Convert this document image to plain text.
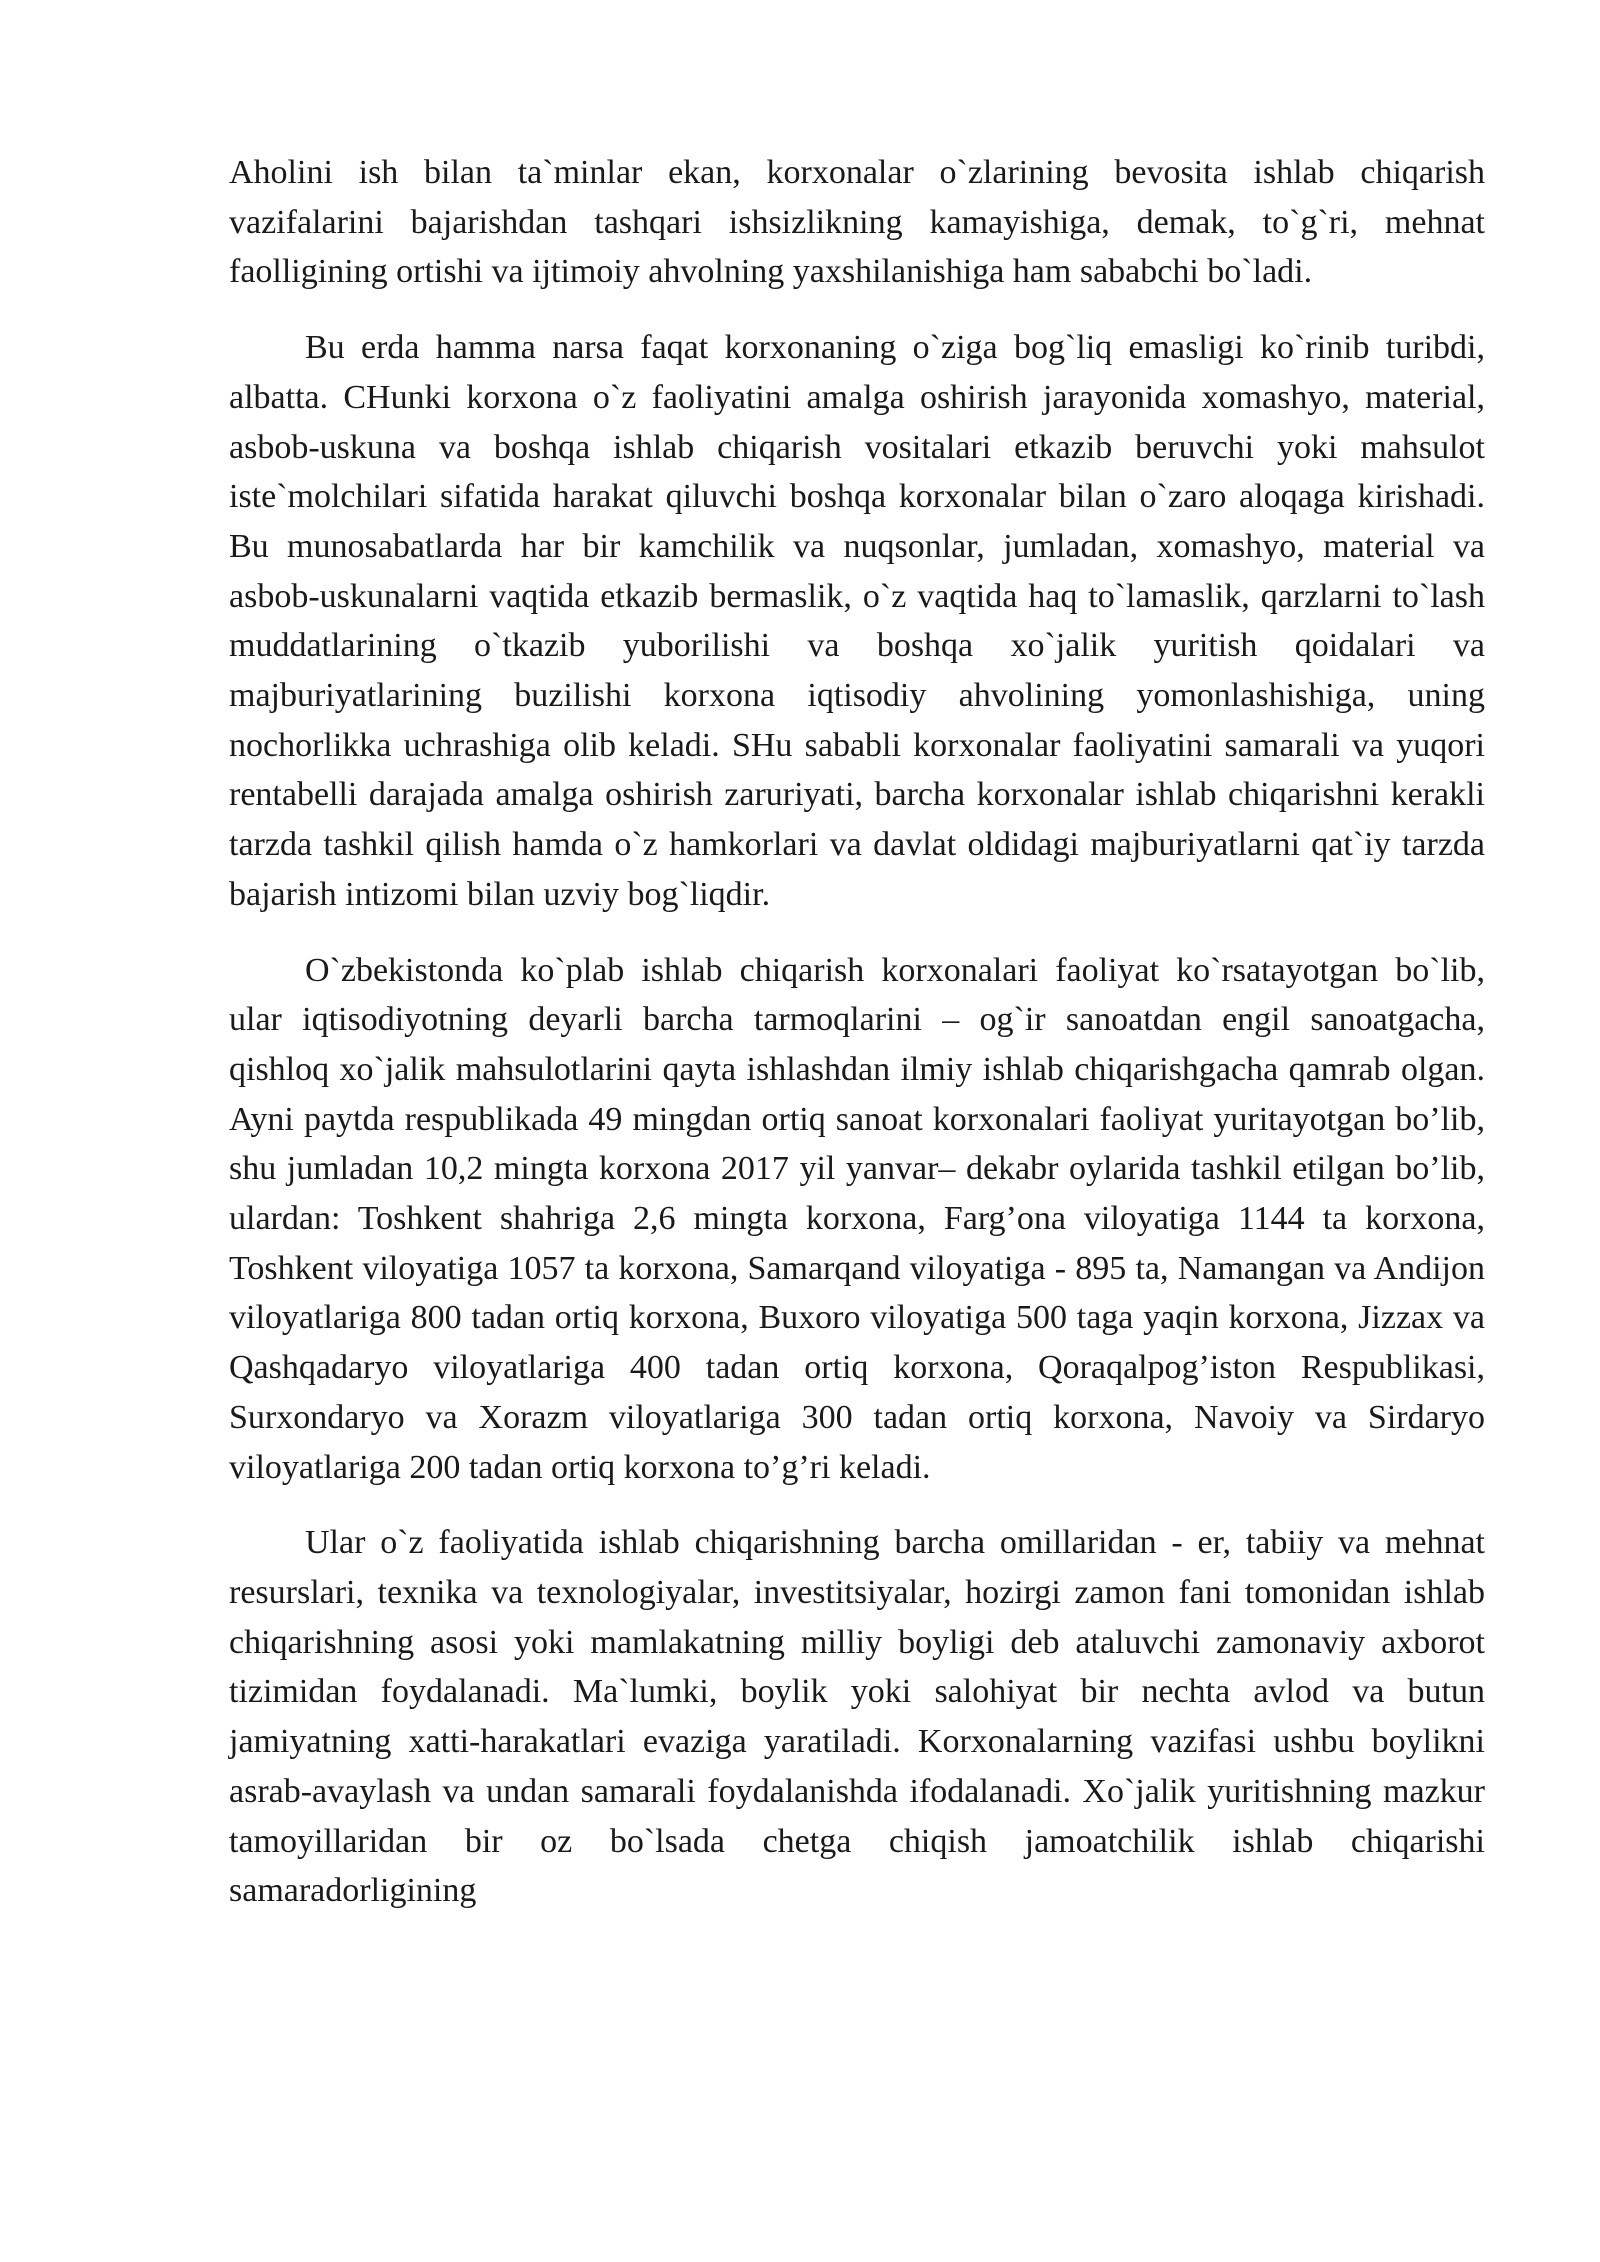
Aholini ish bilan ta`minlar ekan, korxonalar o`zlarining bevosita ishlab chiqarish vazifalarini bajarishdan tashqari ishsizlikning kamayishiga, demak, to`g`ri, mehnat faolligining ortishi va ijtimoiy ahvolning yaxshilanishiga ham sababchi bo`ladi.

Bu erda hamma narsa faqat korxonaning o`ziga bog`liq emasligi ko`rinib turibdi, albatta. CHunki korxona o`z faoliyatini amalga oshirish jarayonida xomashyo, material, asbob-uskuna va boshqa ishlab chiqarish vositalari etkazib beruvchi yoki mahsulot iste`molchilari sifatida harakat qiluvchi boshqa korxonalar bilan o`zaro aloqaga kirishadi. Bu munosabatlarda har bir kamchilik va nuqsonlar, jumladan, xomashyo, material va asbob-uskunalarni vaqtida etkazib bermaslik, o`z vaqtida haq to`lamaslik, qarzlarni to`lash muddatlarining o`tkazib yuborilishi va boshqa xo`jalik yuritish qoidalari va majburiyatlarining buzilishi korxona iqtisodiy ahvolining yomonlashishiga, uning nochorlikka uchrashiga olib keladi. SHu sababli korxonalar faoliyatini samarali va yuqori rentabelli darajada amalga oshirish zaruriyati, barcha korxonalar ishlab chiqarishni kerakli tarzda tashkil qilish hamda o`z hamkorlari va davlat oldidagi majburiyatlarni qat`iy tarzda bajarish intizomi bilan uzviy bog`liqdir.

O`zbekistonda ko`plab ishlab chiqarish korxonalari faoliyat ko`rsatayotgan bo`lib, ular iqtisodiyotning deyarli barcha tarmoqlarini – og`ir sanoatdan engil sanoatgacha, qishloq xo`jalik mahsulotlarini qayta ishlashdan ilmiy ishlab chiqarishgacha qamrab olgan. Ayni paytda respublikada 49 mingdan ortiq sanoat korxonalari faoliyat yuritayotgan bo’lib, shu jumladan 10,2 mingta korxona 2017 yil yanvar– dekabr oylarida tashkil etilgan bo’lib, ulardan: Toshkent shahriga 2,6 mingta korxona, Farg’ona viloyatiga 1144 ta korxona, Toshkent viloyatiga 1057 ta korxona, Samarqand viloyatiga - 895 ta, Namangan va Andijon viloyatlariga 800 tadan ortiq korxona, Buxoro viloyatiga 500 taga yaqin korxona, Jizzax va Qashqadaryo viloyatlariga 400 tadan ortiq korxona, Qoraqalpog’iston Respublikasi, Surxondaryo va Xorazm viloyatlariga 300 tadan ortiq korxona, Navoiy va Sirdaryo viloyatlariga 200 tadan ortiq korxona to’g’ri keladi.

Ular o`z faoliyatida ishlab chiqarishning barcha omillaridan - er, tabiiy va mehnat resurslari, texnika va texnologiyalar, investitsiyalar, hozirgi zamon fani tomonidan ishlab chiqarishning asosi yoki mamlakatning milliy boyligi deb ataluvchi zamonaviy axborot tizimidan foydalanadi. Ma`lumki, boylik yoki salohiyat bir nechta avlod va butun jamiyatning xatti-harakatlari evaziga yaratiladi. Korxonalarning vazifasi ushbu boylikni asrab-avaylash va undan samarali foydalanishda ifodalanadi. Xo`jalik yuritishning mazkur tamoyillaridan bir oz bo`lsada chetga chiqish jamoatchilik ishlab chiqarishi samaradorligining
